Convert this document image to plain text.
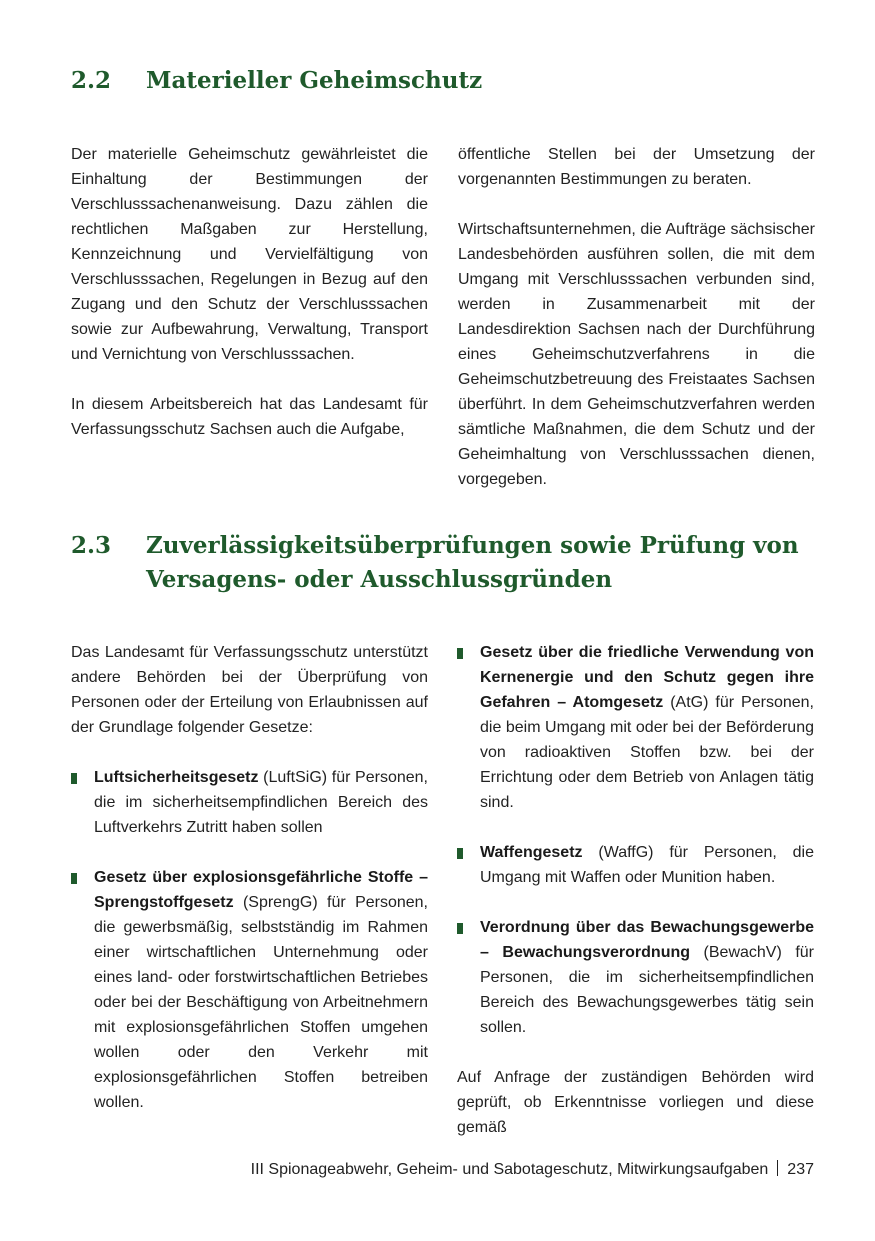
2.2 Materieller Geheimschutz

Der materielle Geheimschutz gewährleistet die Einhaltung der Bestimmungen der Verschlusssachenanweisung. Dazu zählen die rechtlichen Maßgaben zur Herstellung, Kennzeichnung und Vervielfältigung von Verschlusssachen, Regelungen in Bezug auf den Zugang und den Schutz der Verschlusssachen sowie zur Aufbewahrung, Verwaltung, Transport und Vernichtung von Verschlusssachen.

In diesem Arbeitsbereich hat das Landesamt für Verfassungsschutz Sachsen auch die Aufgabe,

öffentliche Stellen bei der Umsetzung der vorgenannten Bestimmungen zu beraten.

Wirtschaftsunternehmen, die Aufträge sächsischer Landesbehörden ausführen sollen, die mit dem Umgang mit Verschlusssachen verbunden sind, werden in Zusammenarbeit mit der Landesdirektion Sachsen nach der Durchführung eines Geheimschutzverfahrens in die Geheimschutzbetreuung des Freistaates Sachsen überführt. In dem Geheimschutzverfahren werden sämtliche Maßnahmen, die dem Schutz und der Geheimhaltung von Verschlusssachen dienen, vorgegeben.

2.3 Zuverlässigkeitsüberprüfungen sowie Prüfung von
Versagens- oder Ausschlussgründen

Das Landesamt für Verfassungsschutz unterstützt andere Behörden bei der Überprüfung von Personen oder der Erteilung von Erlaubnissen auf der Grundlage folgender Gesetze:

Luftsicherheitsgesetz (LuftSiG) für Personen, die im sicherheitsempfindlichen Bereich des Luftverkehrs Zutritt haben sollen
Gesetz über explosionsgefährliche Stoffe – Sprengstoffgesetz (SprengG) für Personen, die gewerbsmäßig, selbstständig im Rahmen einer wirtschaftlichen Unternehmung oder eines land- oder forstwirtschaftlichen Betriebes oder bei der Beschäftigung von Arbeitnehmern mit explosionsgefährlichen Stoffen umgehen wollen oder den Verkehr mit explosionsgefährlichen Stoffen betreiben wollen.
Gesetz über die friedliche Verwendung von Kernenergie und den Schutz gegen ihre Gefahren – Atomgesetz (AtG) für Personen, die beim Umgang mit oder bei der Beförderung von radioaktiven Stoffen bzw. bei der Errichtung oder dem Betrieb von Anlagen tätig sind.
Waffengesetz (WaffG) für Personen, die Umgang mit Waffen oder Munition haben.
Verordnung über das Bewachungsgewerbe – Bewachungsverordnung (BewachV) für Personen, die im sicherheitsempfindlichen Bereich des Bewachungsgewerbes tätig sein sollen.

Auf Anfrage der zuständigen Behörden wird geprüft, ob Erkenntnisse vorliegen und diese gemäß

III Spionageabwehr, Geheim- und Sabotageschutz, Mitwirkungsaufgaben 237
